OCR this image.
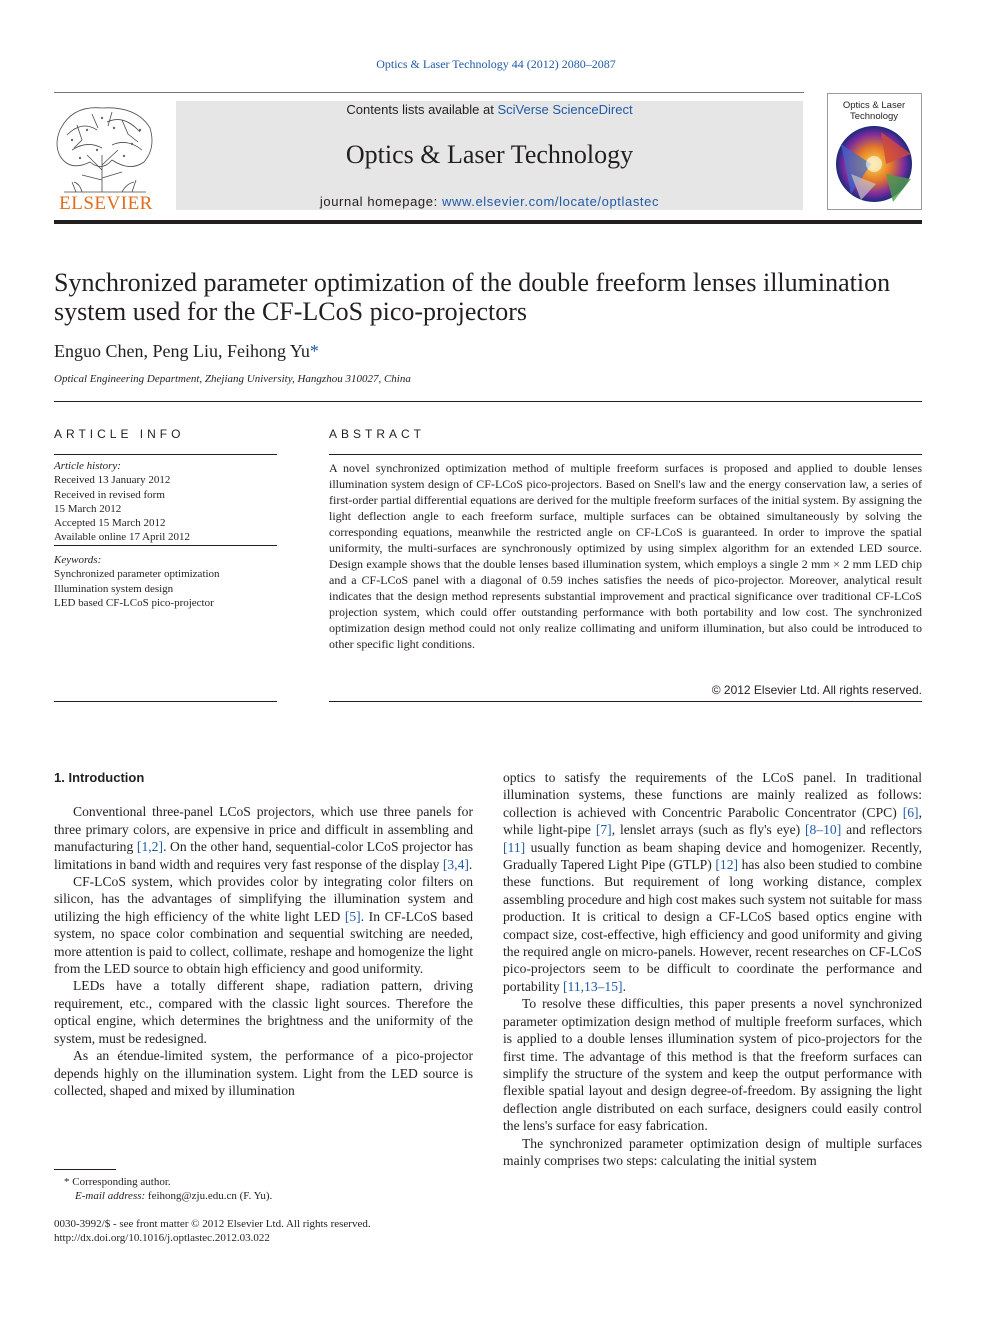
Optics & Laser Technology 44 (2012) 2080–2087
ELSEVIER
Contents lists available at SciVerse ScienceDirect
Optics & Laser Technology
journal homepage: www.elsevier.com/locate/optlastec
Optics & Laser Technology
Synchronized parameter optimization of the double freeform lenses illumination system used for the CF-LCoS pico-projectors
Enguo Chen, Peng Liu, Feihong Yu*
Optical Engineering Department, Zhejiang University, Hangzhou 310027, China
ARTICLE INFO
Article history:
Received 13 January 2012
Received in revised form
15 March 2012
Accepted 15 March 2012
Available online 17 April 2012
Keywords:
Synchronized parameter optimization
Illumination system design
LED based CF-LCoS pico-projector
ABSTRACT
A novel synchronized optimization method of multiple freeform surfaces is proposed and applied to double lenses illumination system design of CF-LCoS pico-projectors. Based on Snell's law and the energy conservation law, a series of first-order partial differential equations are derived for the multiple freeform surfaces of the initial system. By assigning the light deflection angle to each freeform surface, multiple surfaces can be obtained simultaneously by solving the corresponding equations, meanwhile the restricted angle on CF-LCoS is guaranteed. In order to improve the spatial uniformity, the multi-surfaces are synchronously optimized by using simplex algorithm for an extended LED source. Design example shows that the double lenses based illumination system, which employs a single 2 mm × 2 mm LED chip and a CF-LCoS panel with a diagonal of 0.59 inches satisfies the needs of pico-projector. Moreover, analytical result indicates that the design method represents substantial improvement and practical significance over traditional CF-LCoS projection system, which could offer outstanding performance with both portability and low cost. The synchronized optimization design method could not only realize collimating and uniform illumination, but also could be introduced to other specific light conditions.
© 2012 Elsevier Ltd. All rights reserved.
1. Introduction

Conventional three-panel LCoS projectors, which use three panels for three primary colors, are expensive in price and difficult in assembling and manufacturing [1,2]. On the other hand, sequential-color LCoS projector has limitations in band width and requires very fast response of the display [3,4].

CF-LCoS system, which provides color by integrating color filters on silicon, has the advantages of simplifying the illumination system and utilizing the high efficiency of the white light LED [5]. In CF-LCoS based system, no space color combination and sequential switching are needed, more attention is paid to collect, collimate, reshape and homogenize the light from the LED source to obtain high efficiency and good uniformity.

LEDs have a totally different shape, radiation pattern, driving requirement, etc., compared with the classic light sources. Therefore the optical engine, which determines the brightness and the uniformity of the system, must be redesigned.

As an étendue-limited system, the performance of a pico-projector depends highly on the illumination system. Light from the LED source is collected, shaped and mixed by illumination

optics to satisfy the requirements of the LCoS panel. In traditional illumination systems, these functions are mainly realized as follows: collection is achieved with Concentric Parabolic Concentrator (CPC) [6], while light-pipe [7], lenslet arrays (such as fly's eye) [8–10] and reflectors [11] usually function as beam shaping device and homogenizer. Recently, Gradually Tapered Light Pipe (GTLP) [12] has also been studied to combine these functions. But requirement of long working distance, complex assembling procedure and high cost makes such system not suitable for mass production. It is critical to design a CF-LCoS based optics engine with compact size, cost-effective, high efficiency and good uniformity and giving the required angle on micro-panels. However, recent researches on CF-LCoS pico-projectors seem to be difficult to coordinate the performance and portability [11,13–15].

To resolve these difficulties, this paper presents a novel synchronized parameter optimization design method of multiple freeform surfaces, which is applied to a double lenses illumination system of pico-projectors for the first time. The advantage of this method is that the freeform surfaces can simplify the structure of the system and keep the output performance with flexible spatial layout and design degree-of-freedom. By assigning the light deflection angle distributed on each surface, designers could easily control the lens's surface for easy fabrication.

The synchronized parameter optimization design of multiple surfaces mainly comprises two steps: calculating the initial system

* Corresponding author.
E-mail address: feihong@zju.edu.cn (F. Yu).
0030-3992/$ - see front matter © 2012 Elsevier Ltd. All rights reserved.
http://dx.doi.org/10.1016/j.optlastec.2012.03.022
